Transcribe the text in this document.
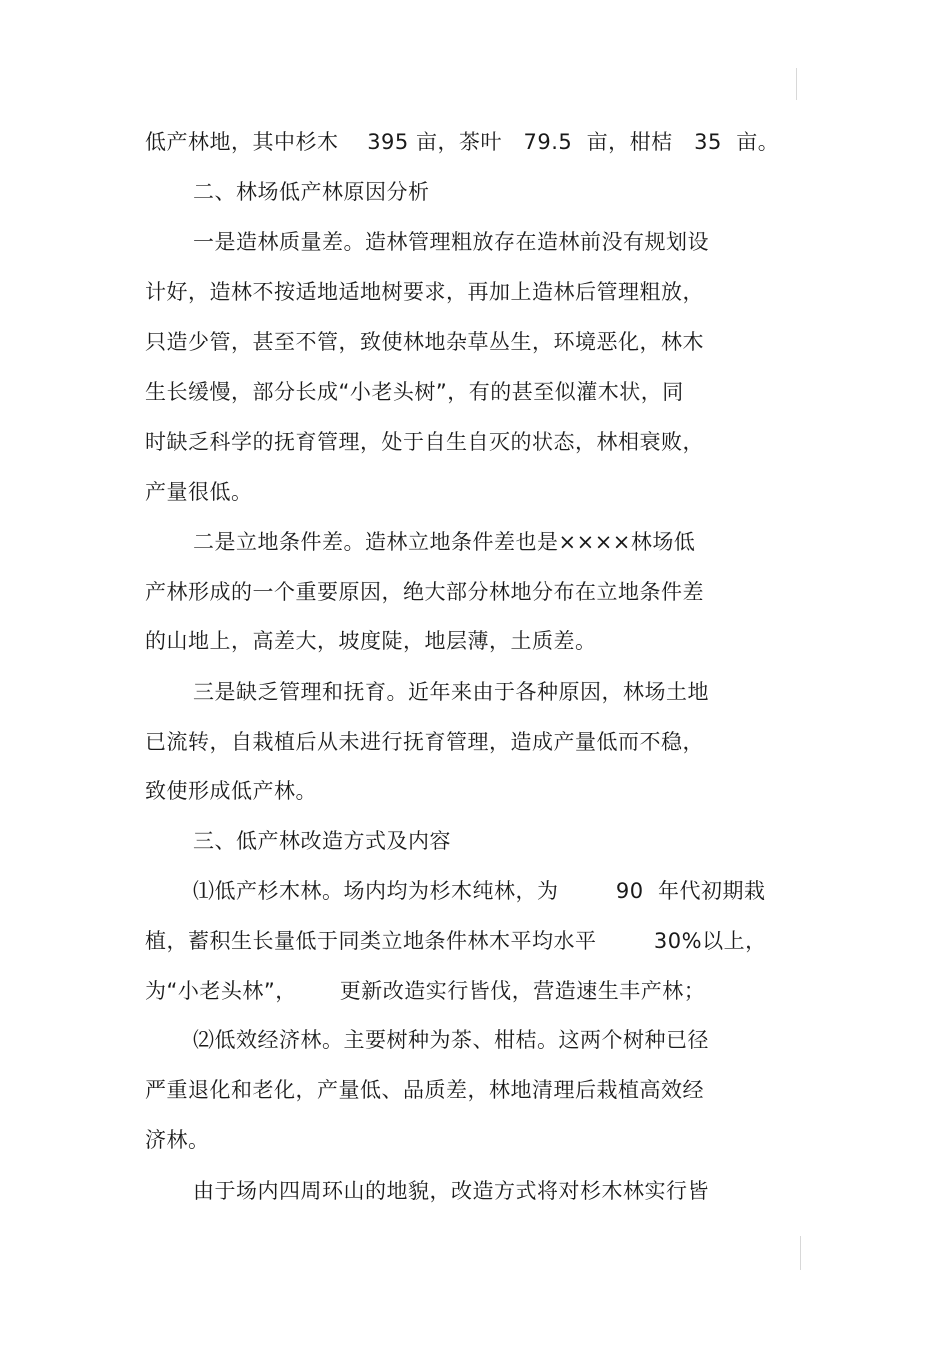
低产林地，其中杉木    395 亩，茶叶   79.5  亩，柑桔   35  亩。
二、林场低产林原因分析
一是造林质量差。造林管理粗放存在造林前没有规划设
计好，造林不按适地适地树要求，再加上造林后管理粗放，
只造少管，甚至不管，致使林地杂草丛生，环境恶化，林木
生长缓慢，部分长成“小老头树”，有的甚至似灌木状，同
时缺乏科学的抚育管理，处于自生自灭的状态，林相衰败，
产量很低。
二是立地条件差。造林立地条件差也是××××林场低
产林形成的一个重要原因，绝大部分林地分布在立地条件差
的山地上，高差大，坡度陡，地层薄，土质差。
三是缺乏管理和抚育。近年来由于各种原因，林场土地
已流转，自栽植后从未进行抚育管理，造成产量低而不稳，
致使形成低产林。
三、低产林改造方式及内容
⑴低产杉木林。场内均为杉木纯林，为        90  年代初期栽
植，蓄积生长量低于同类立地条件林木平均水平        30%以上，
为“小老头林”，      更新改造实行皆伐，营造速生丰产林；
⑵低效经济林。主要树种为茶、柑桔。这两个树种已径
严重退化和老化，产量低、品质差，林地清理后栽植高效经
济林。
由于场内四周环山的地貌，改造方式将对杉木林实行皆
